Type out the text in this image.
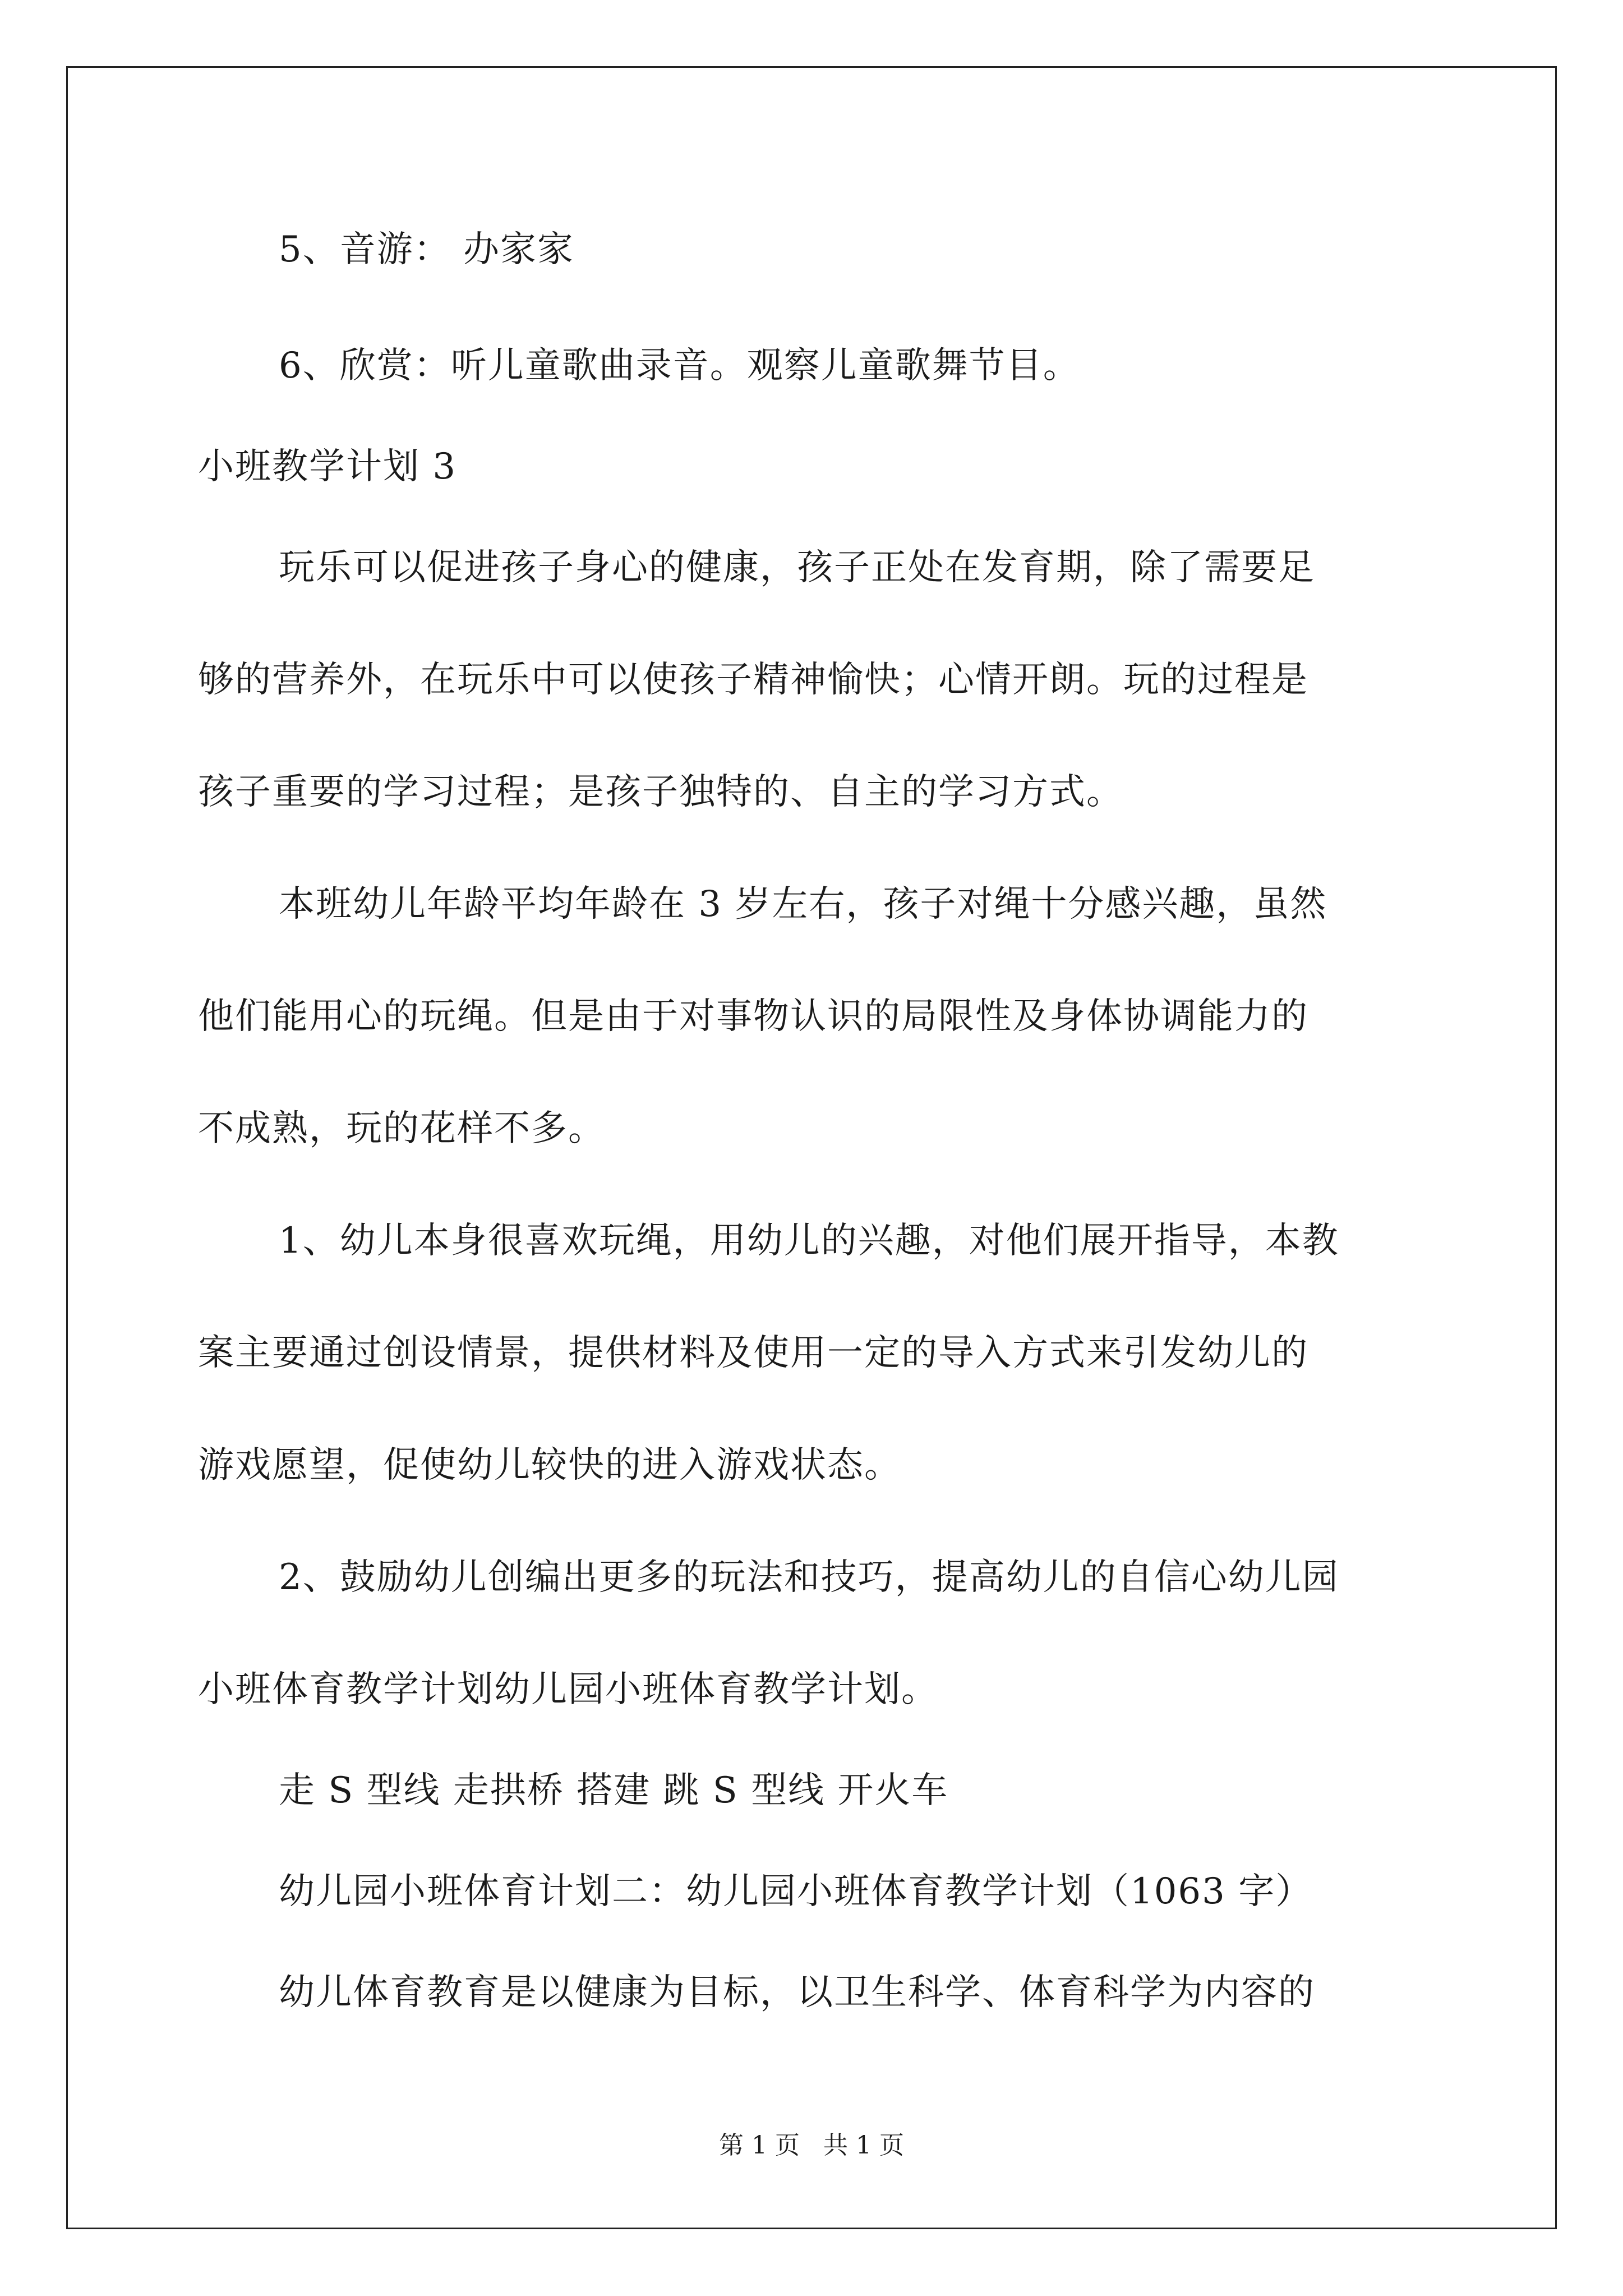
5、音游： 办家家
6、欣赏：听儿童歌曲录音。观察儿童歌舞节目。
小班教学计划 3
玩乐可以促进孩子身心的健康，孩子正处在发育期，除了需要足
够的营养外，在玩乐中可以使孩子精神愉快；心情开朗。玩的过程是
孩子重要的学习过程；是孩子独特的、自主的学习方式。
本班幼儿年龄平均年龄在 3 岁左右，孩子对绳十分感兴趣，虽然
他们能用心的玩绳。但是由于对事物认识的局限性及身体协调能力的
不成熟，玩的花样不多。
1、幼儿本身很喜欢玩绳，用幼儿的兴趣，对他们展开指导，本教
案主要通过创设情景，提供材料及使用一定的导入方式来引发幼儿的
游戏愿望，促使幼儿较快的进入游戏状态。
2、鼓励幼儿创编出更多的玩法和技巧，提高幼儿的自信心幼儿园
小班体育教学计划幼儿园小班体育教学计划。
走 S 型线 走拱桥 搭建 跳 S 型线 开火车
幼儿园小班体育计划二：幼儿园小班体育教学计划（1063 字）
幼儿体育教育是以健康为目标，以卫生科学、体育科学为内容的
第 1 页   共 1 页
